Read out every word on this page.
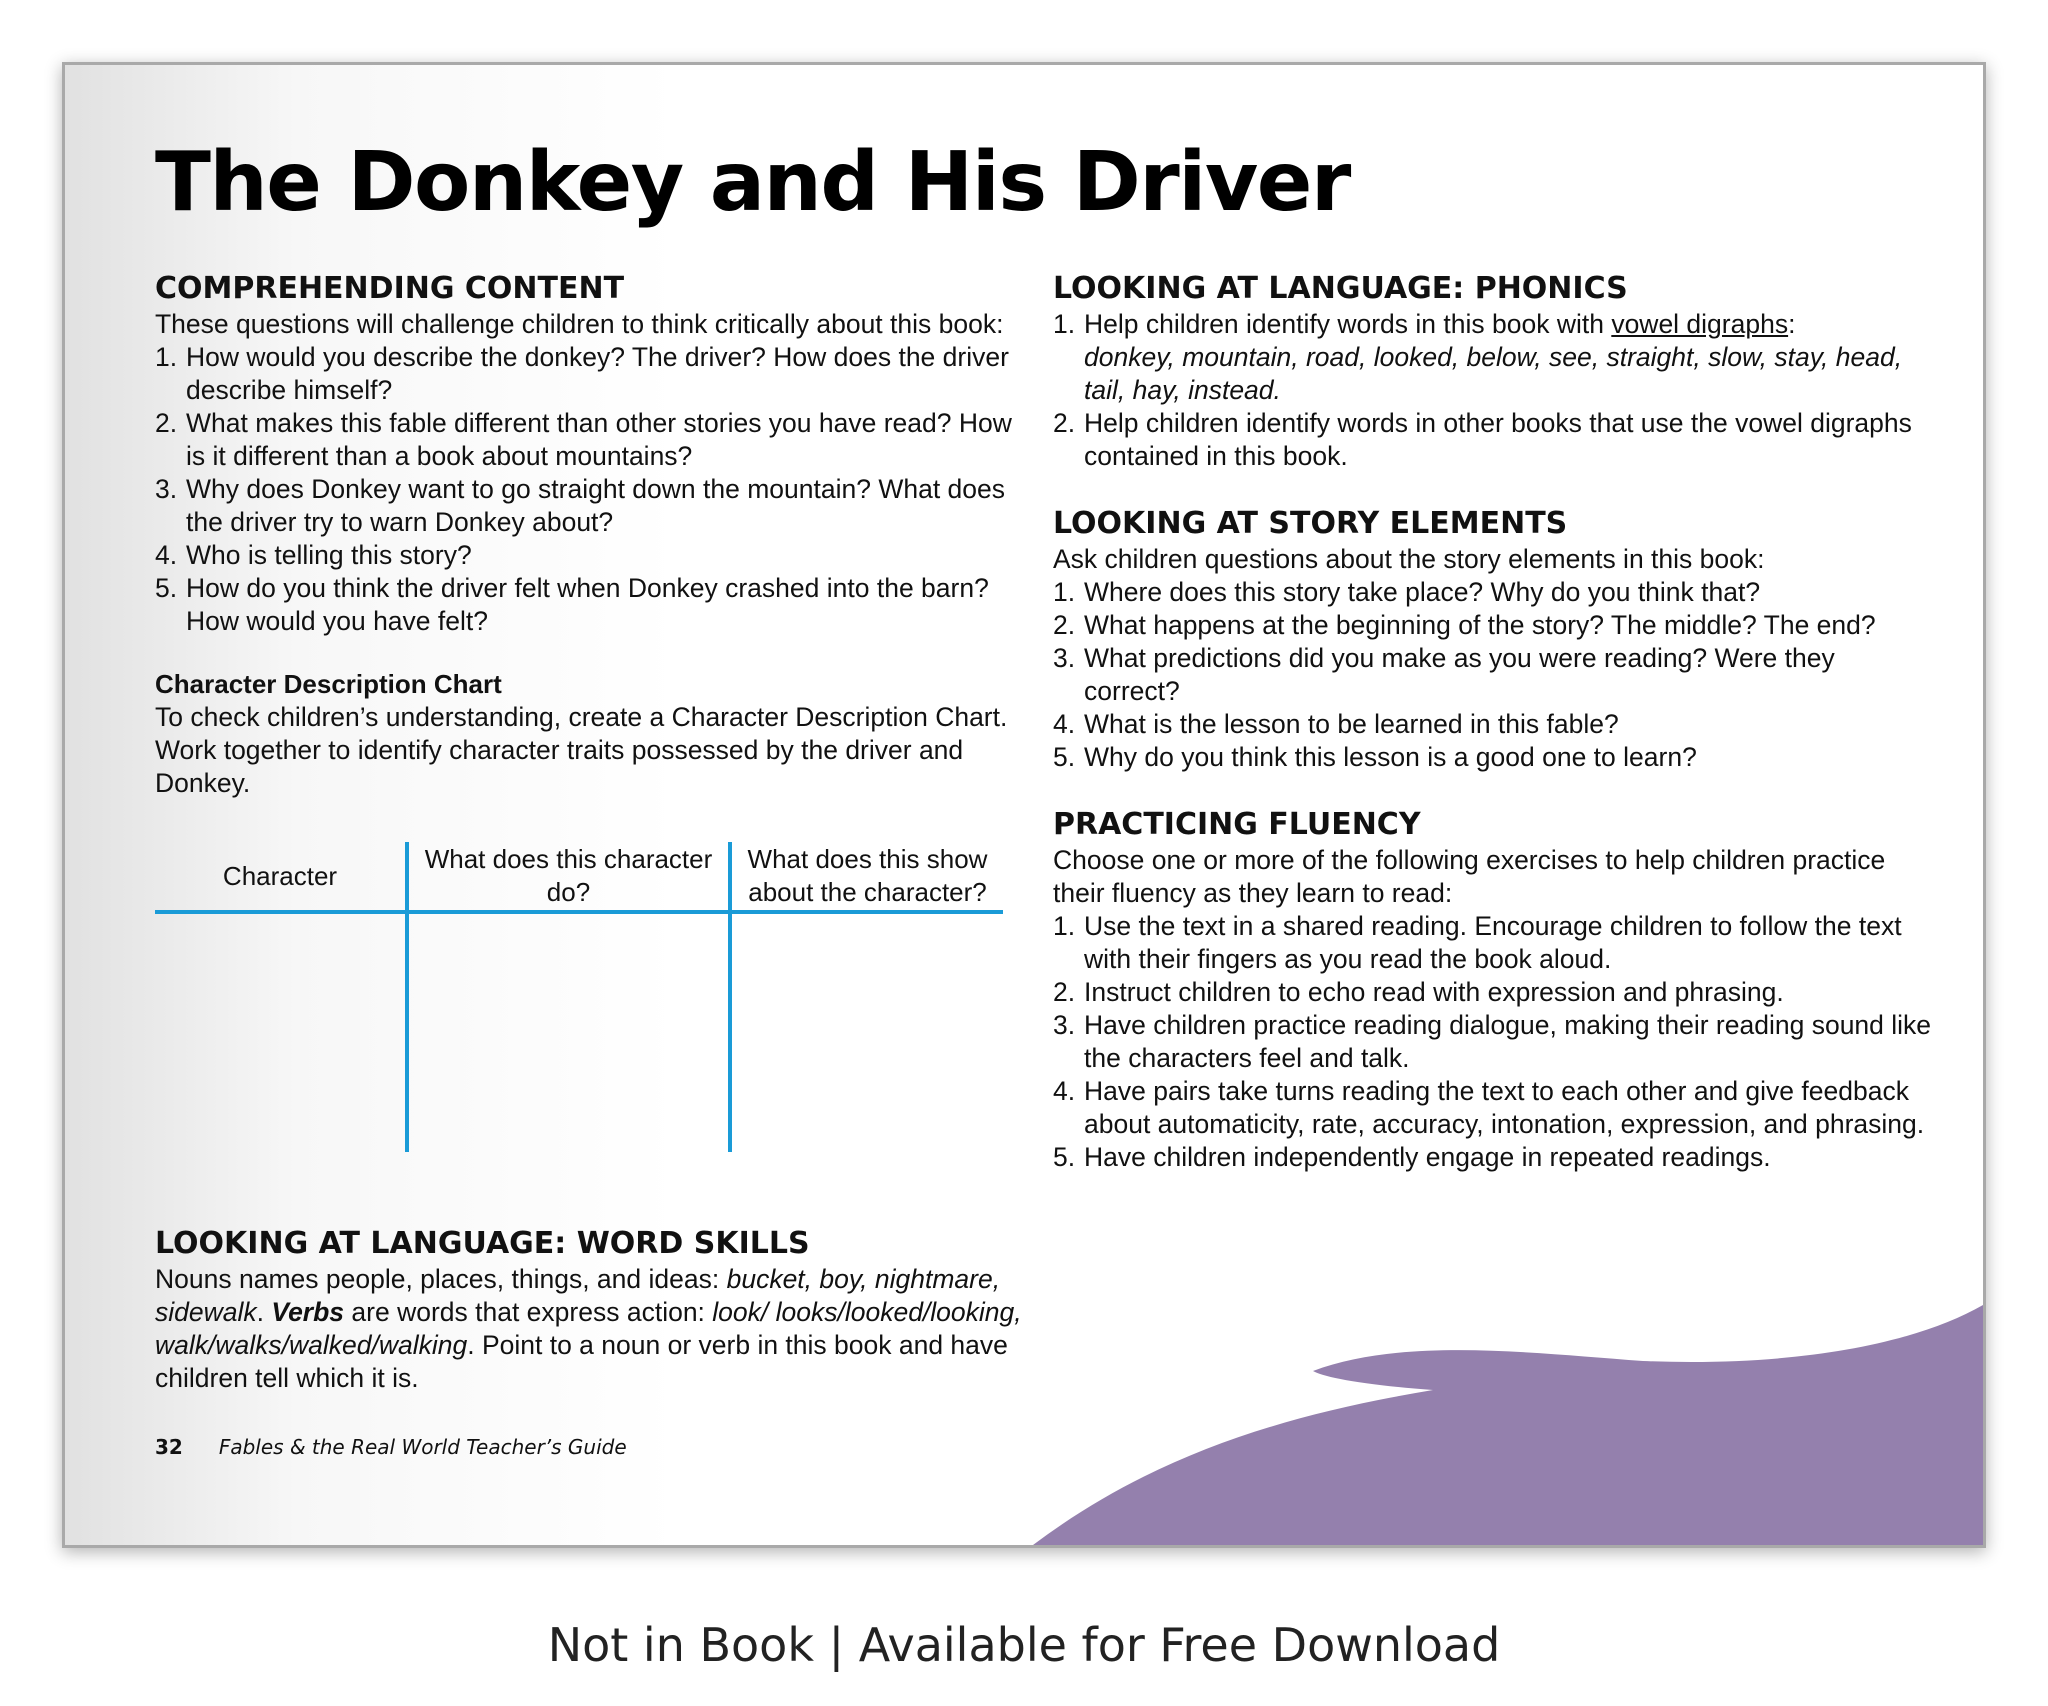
The Donkey and His Driver
COMPREHENDING CONTENT

These questions will challenge children to think critically about this book:

1. How would you describe the donkey? The driver? How does the driver describe himself?
2. What makes this fable different than other stories you have read? How is it different than a book about mountains?
3. Why does Donkey want to go straight down the mountain? What does the driver try to warn Donkey about?
4. Who is telling this story?
5. How do you think the driver felt when Donkey crashed into the barn? How would you have felt?
Character Description Chart

To check children’s understanding, create a Character Description Chart. Work together to identify character traits possessed by the driver and Donkey.

Character
What does this character do?
What does this show about the character?
LOOKING AT LANGUAGE: WORD SKILLS

Nouns names people, places, things, and ideas: bucket, boy, nightmare, sidewalk. Verbs are words that express action: look/ looks/looked/looking, walk/walks/walked/walking. Point to a noun or verb in this book and have children tell which it is.

LOOKING AT LANGUAGE: PHONICS
1. Help children identify words in this book with vowel digraphs:
donkey, mountain, road, looked, below, see, straight, slow, stay, head, tail, hay, instead.
2. Help children identify words in other books that use the vowel digraphs contained in this book.
LOOKING AT STORY ELEMENTS

Ask children questions about the story elements in this book:

1. Where does this story take place? Why do you think that?
2. What happens at the beginning of the story? The middle? The end?
3. What predictions did you make as you were reading? Were they correct?
4. What is the lesson to be learned in this fable?
5. Why do you think this lesson is a good one to learn?
PRACTICING FLUENCY

Choose one or more of the following exercises to help children practice their fluency as they learn to read:

1. Use the text in a shared reading. Encourage children to follow the text with their fingers as you read the book aloud.
2. Instruct children to echo read with expression and phrasing.
3. Have children practice reading dialogue, making their reading sound like the characters feel and talk.
4. Have pairs take turns reading the text to each other and give feedback about automaticity, rate, accuracy, intonation, expression, and phrasing.
5. Have children independently engage in repeated readings.
32 Fables & the Real World Teacher’s Guide
Not in Book | Available for Free Download
